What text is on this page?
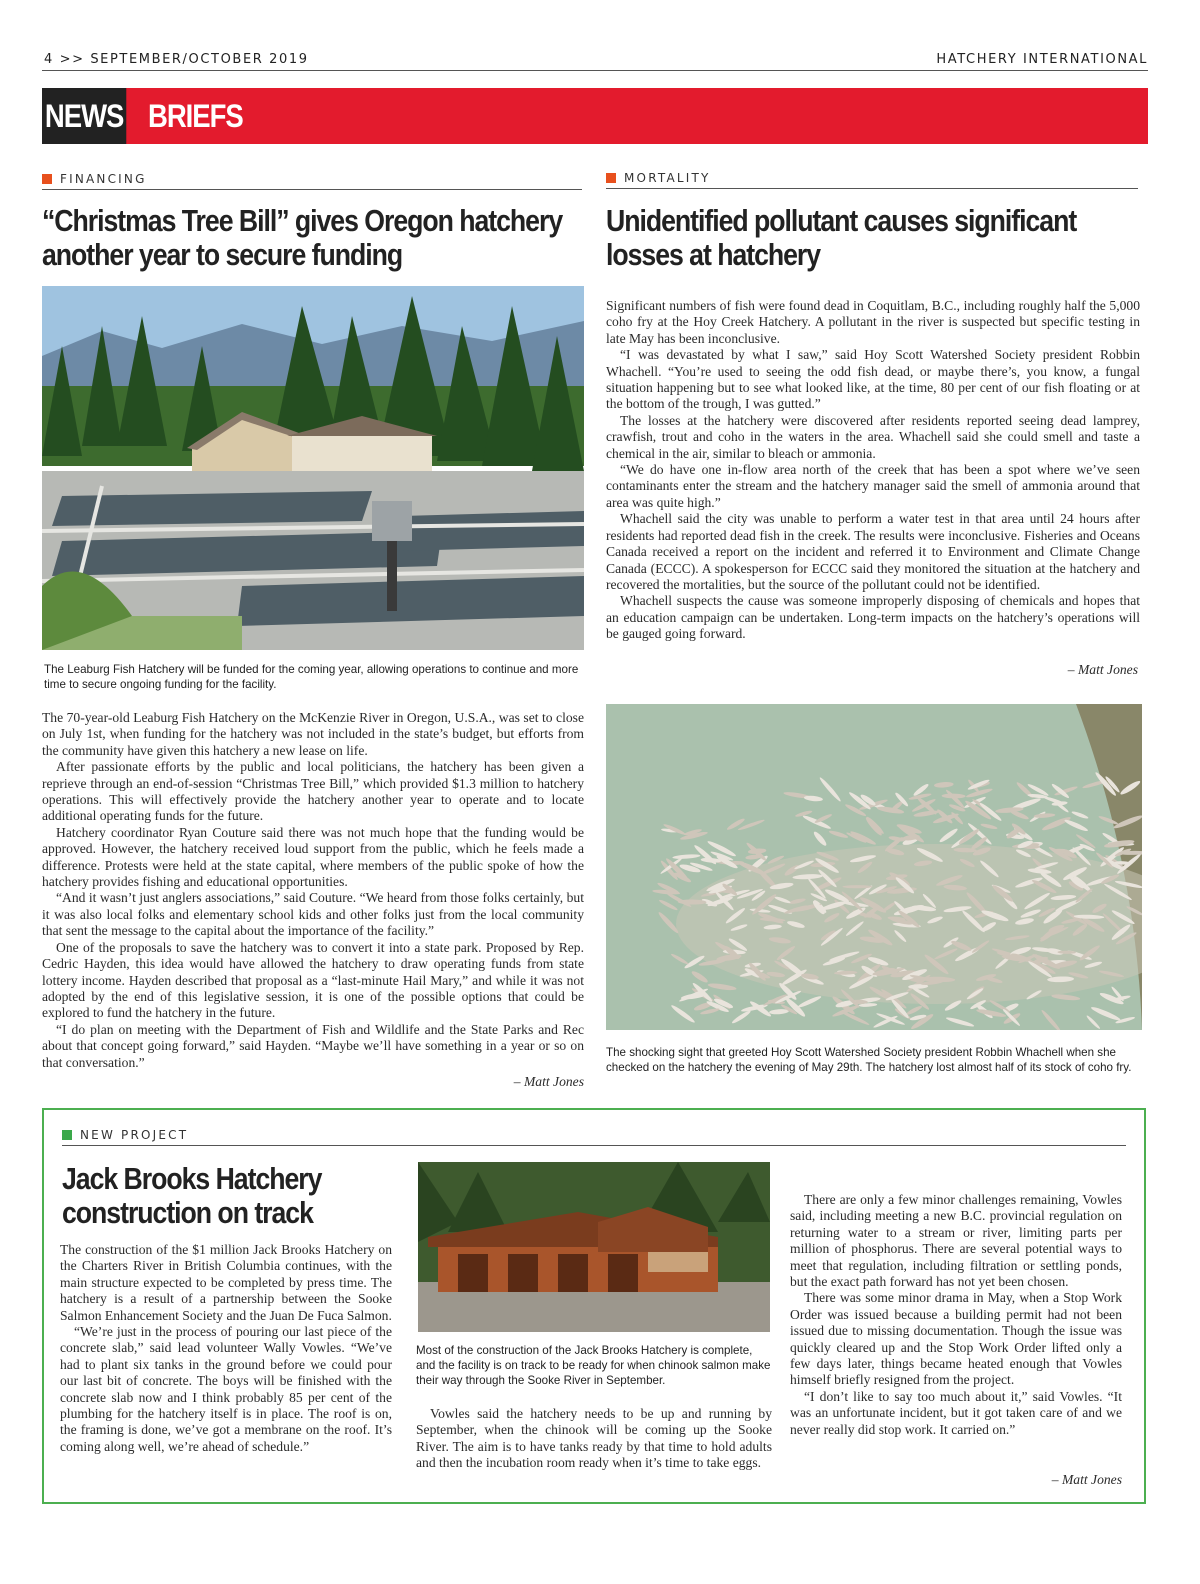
4 >> SEPTEMBER/OCTOBER 2019	HATCHERY INTERNATIONAL
NEWS BRIEFS
FINANCING
“Christmas Tree Bill” gives Oregon hatchery another year to secure funding
The Leaburg Fish Hatchery will be funded for the coming year, allowing operations to continue and more time to secure ongoing funding for the facility.

The 70-year-old Leaburg Fish Hatchery on the McKenzie River in Oregon, U.S.A., was set to close on July 1st, when funding for the hatchery was not included in the state’s budget, but efforts from the community have given this hatchery a new lease on life.

After passionate efforts by the public and local politicians, the hatchery has been given a reprieve through an end-of-session “Christmas Tree Bill,” which provided $1.3 million to hatchery operations. This will effectively provide the hatchery another year to operate and to locate additional operating funds for the future.

Hatchery coordinator Ryan Couture said there was not much hope that the funding would be approved. However, the hatchery received loud support from the public, which he feels made a difference. Protests were held at the state capital, where members of the public spoke of how the hatchery provides fishing and educational opportunities.

“And it wasn’t just anglers associations,” said Couture. “We heard from those folks certainly, but it was also local folks and elementary school kids and other folks just from the local community that sent the message to the capital about the importance of the facility.”

One of the proposals to save the hatchery was to convert it into a state park. Proposed by Rep. Cedric Hayden, this idea would have allowed the hatchery to draw operating funds from state lottery income. Hayden described that proposal as a “last-minute Hail Mary,” and while it was not adopted by the end of this legislative session, it is one of the possible options that could be explored to fund the hatchery in the future.

“I do plan on meeting with the Department of Fish and Wildlife and the State Parks and Rec about that concept going forward,” said Hayden. “Maybe we’ll have something in a year or so on that conversation.”

– Matt Jones
MORTALITY
Unidentified pollutant causes significant losses at hatchery

Significant numbers of fish were found dead in Coquitlam, B.C., including roughly half the 5,000 coho fry at the Hoy Creek Hatchery. A pollutant in the river is suspected but specific testing in late May has been inconclusive.

“I was devastated by what I saw,” said Hoy Scott Watershed Society president Robbin Whachell. “You’re used to seeing the odd fish dead, or maybe there’s, you know, a fungal situation happening but to see what looked like, at the time, 80 per cent of our fish floating or at the bottom of the trough, I was gutted.”

The losses at the hatchery were discovered after residents reported seeing dead lamprey, crawfish, trout and coho in the waters in the area. Whachell said she could smell and taste a chemical in the air, similar to bleach or ammonia.

“We do have one in-flow area north of the creek that has been a spot where we’ve seen contaminants enter the stream and the hatchery manager said the smell of ammonia around that area was quite high.”

Whachell said the city was unable to perform a water test in that area until 24 hours after residents had reported dead fish in the creek. The results were inconclusive. Fisheries and Oceans Canada received a report on the incident and referred it to Environment and Climate Change Canada (ECCC). A spokesperson for ECCC said they monitored the situation at the hatchery and recovered the mortalities, but the source of the pollutant could not be identified.

Whachell suspects the cause was someone improperly disposing of chemicals and hopes that an education campaign can be undertaken. Long-term impacts on the hatchery’s operations will be gauged going forward.

– Matt Jones
The shocking sight that greeted Hoy Scott Watershed Society president Robbin Whachell when she checked on the hatchery the evening of May 29th. The hatchery lost almost half of its stock of coho fry.
NEW PROJECT
Jack Brooks Hatchery construction on track

The construction of the $1 million Jack Brooks Hatchery on the Charters River in British Columbia continues, with the main structure expected to be completed by press time. The hatchery is a result of a partnership between the Sooke Salmon Enhancement Society and the Juan De Fuca Salmon.

“We’re just in the process of pouring our last piece of the concrete slab,” said lead volunteer Wally Vowles. “We’ve had to plant six tanks in the ground before we could pour our last bit of concrete. The boys will be finished with the concrete slab now and I think probably 85 per cent of the plumbing for the hatchery itself is in place. The roof is on, the framing is done, we’ve got a membrane on the roof. It’s coming along well, we’re ahead of schedule.”

Most of the construction of the Jack Brooks Hatchery is complete, and the facility is on track to be ready for when chinook salmon make their way through the Sooke River in September.

Vowles said the hatchery needs to be up and running by September, when the chinook will be coming up the Sooke River. The aim is to have tanks ready by that time to hold adults and then the incubation room ready when it’s time to take eggs.

There are only a few minor challenges remaining, Vowles said, including meeting a new B.C. provincial regulation on returning water to a stream or river, limiting parts per million of phosphorus. There are several potential ways to meet that regulation, including filtration or settling ponds, but the exact path forward has not yet been chosen.

There was some minor drama in May, when a Stop Work Order was issued because a building permit had not been issued due to missing documentation. Though the issue was quickly cleared up and the Stop Work Order lifted only a few days later, things became heated enough that Vowles himself briefly resigned from the project.

“I don’t like to say too much about it,” said Vowles. “It was an unfortunate incident, but it got taken care of and we never really did stop work. It carried on.”

– Matt Jones
